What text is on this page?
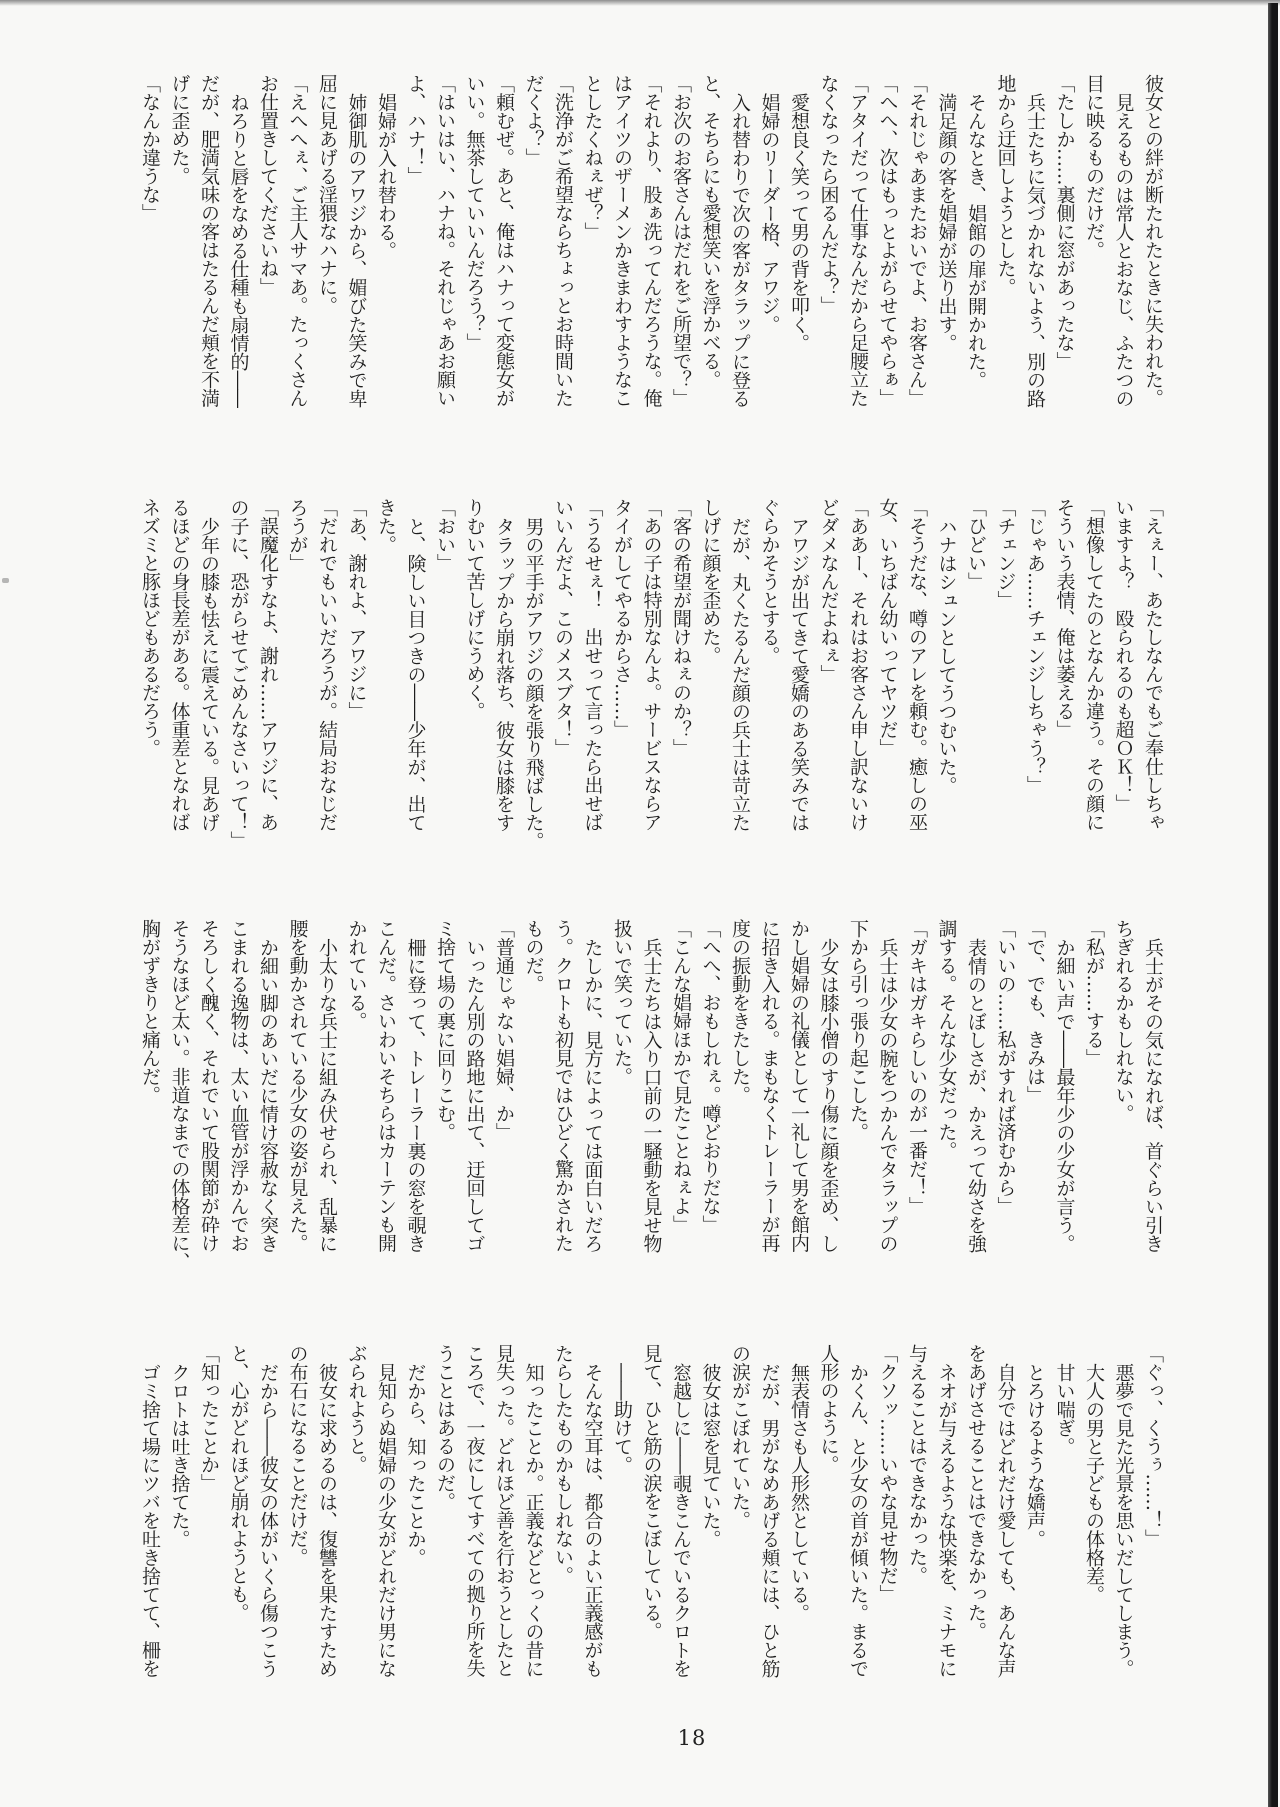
彼女との絆が断たれたときに失われた。

見えるものは常人とおなじ、ふたつの

目に映るものだけだ。

「たしか……裏側に窓があったな」

兵士たちに気づかれないよう、別の路

地から迂回しようとした。

そんなとき、娼館の扉が開かれた。

満足顔の客を娼婦が送り出す。

「それじゃあまたおいでよ、お客さん」

「へへ、次はもっとよがらせてやらぁ」

「アタイだって仕事なんだから足腰立た

なくなったら困るんだよ？」

愛想良く笑って男の背を叩く。

娼婦のリーダー格、アワジ。

入れ替わりで次の客がタラップに登る

と、そちらにも愛想笑いを浮かべる。

「お次のお客さんはだれをご所望で？」

「それより、股ぁ洗ってんだろうな。俺

はアイツのザーメンかきまわすようなこ

としたくねぇぜ？」

「洗浄がご希望ならちょっとお時間いた

だくよ？」

「頼むぜ。あと、俺はハナって変態女が

いい。無茶していいんだろう？」

「はいはい、ハナね。それじゃあお願い

よ、ハナ！」

娼婦が入れ替わる。

姉御肌のアワジから、媚びた笑みで卑

屈に見あげる淫猥なハナに。

「えへへぇ、ご主人サマあ。たっくさん

お仕置きしてくださいね」

ねろりと唇をなめる仕種も扇情的――

だが、肥満気味の客はたるんだ頬を不満

げに歪めた。

「なんか違うな」

「えぇー、あたしなんでもご奉仕しちゃ

いますよ？　殴られるのも超ＯＫ！」

「想像してたのとなんか違う。その顔に

そういう表情、俺は萎える」

「じゃあ……チェンジしちゃう？」

「チェンジ」

「ひどい」

ハナはシュンとしてうつむいた。

「そうだな、噂のアレを頼む。癒しの巫

女、いちばん幼いってヤツだ」

「ああー、それはお客さん申し訳ないけ

どダメなんだよねぇ」

アワジが出てきて愛嬌のある笑みでは

ぐらかそうとする。

だが、丸くたるんだ顔の兵士は苛立た

しげに顔を歪めた。

「客の希望が聞けねぇのか？」

「あの子は特別なんよ。サービスならア

タイがしてやるからさ……」

「うるせぇ！　出せって言ったら出せば

いいんだよ、このメスブタ！」

男の平手がアワジの顔を張り飛ばした。

タラップから崩れ落ち、彼女は膝をす

りむいて苦しげにうめく。

「おい」

と、険しい目つきの――少年が、出て

きた。

「あ、謝れよ、アワジに」

「だれでもいいだろうが。結局おなじだ

ろうが」

「誤魔化すなよ、謝れ……アワジに、あ

の子に、恐がらせてごめんなさいって！」

少年の膝も怯えに震えている。見あげ

るほどの身長差がある。体重差となれば

ネズミと豚ほどもあるだろう。

兵士がその気になれば、首ぐらい引き

ちぎれるかもしれない。

「私が……する」

か細い声で――最年少の少女が言う。

「で、でも、きみは」

「いいの……私がすれば済むから」

表情のとぼしさが、かえって幼さを強

調する。そんな少女だった。

「ガキはガキらしいのが一番だ！」

兵士は少女の腕をつかんでタラップの

下から引っ張り起こした。

少女は膝小僧のすり傷に顔を歪め、し

かし娼婦の礼儀として一礼して男を館内

に招き入れる。まもなくトレーラーが再

度の振動をきたした。

「へへ、おもしれぇ。噂どおりだな」

「こんな娼婦ほかで見たことねぇよ」

兵士たちは入り口前の一騒動を見せ物

扱いで笑っていた。

たしかに、見方によっては面白いだろ

う。クロトも初見ではひどく驚かされた

ものだ。

「普通じゃない娼婦、か」

いったん別の路地に出て、迂回してゴ

ミ捨て場の裏に回りこむ。

柵に登って、トレーラー裏の窓を覗き

こんだ。さいわいそちらはカーテンも開

かれている。

小太りな兵士に組み伏せられ、乱暴に

腰を動かされている少女の姿が見えた。

か細い脚のあいだに情け容赦なく突き

こまれる逸物は、太い血管が浮かんでお

そろしく醜く、それでいて股関節が砕け

そうなほど太い。非道なまでの体格差に、

胸がずきりと痛んだ。

「ぐっ、くうぅ……！」

悪夢で見た光景を思いだしてしまう。

大人の男と子どもの体格差。

甘い喘ぎ。

とろけるような嬌声。

自分ではどれだけ愛しても、あんな声

をあげさせることはできなかった。

ネオが与えるような快楽を、ミナモに

与えることはできなかった。

「クソッ……いやな見せ物だ」

かくん、と少女の首が傾いた。まるで

人形のように。

無表情さも人形然としている。

だが、男がなめあげる頬には、ひと筋

の涙がこぼれていた。

彼女は窓を見ていた。

窓越しに――覗きこんでいるクロトを

見て、ひと筋の涙をこぼしている。

――助けて。

そんな空耳は、都合のよい正義感がも

たらしたものかもしれない。

知ったことか。正義などとっくの昔に

見失った。どれほど善を行おうとしたと

ころで、一夜にしてすべての拠り所を失

うことはあるのだ。

だから、知ったことか。

見知らぬ娼婦の少女がどれだけ男にな

ぶられようと。

彼女に求めるのは、復讐を果たすため

の布石になることだけだ。

だから――彼女の体がいくら傷つこう

と、心がどれほど崩れようとも。

「知ったことか」

クロトは吐き捨てた。

ゴミ捨て場にツバを吐き捨てて、柵を

18
